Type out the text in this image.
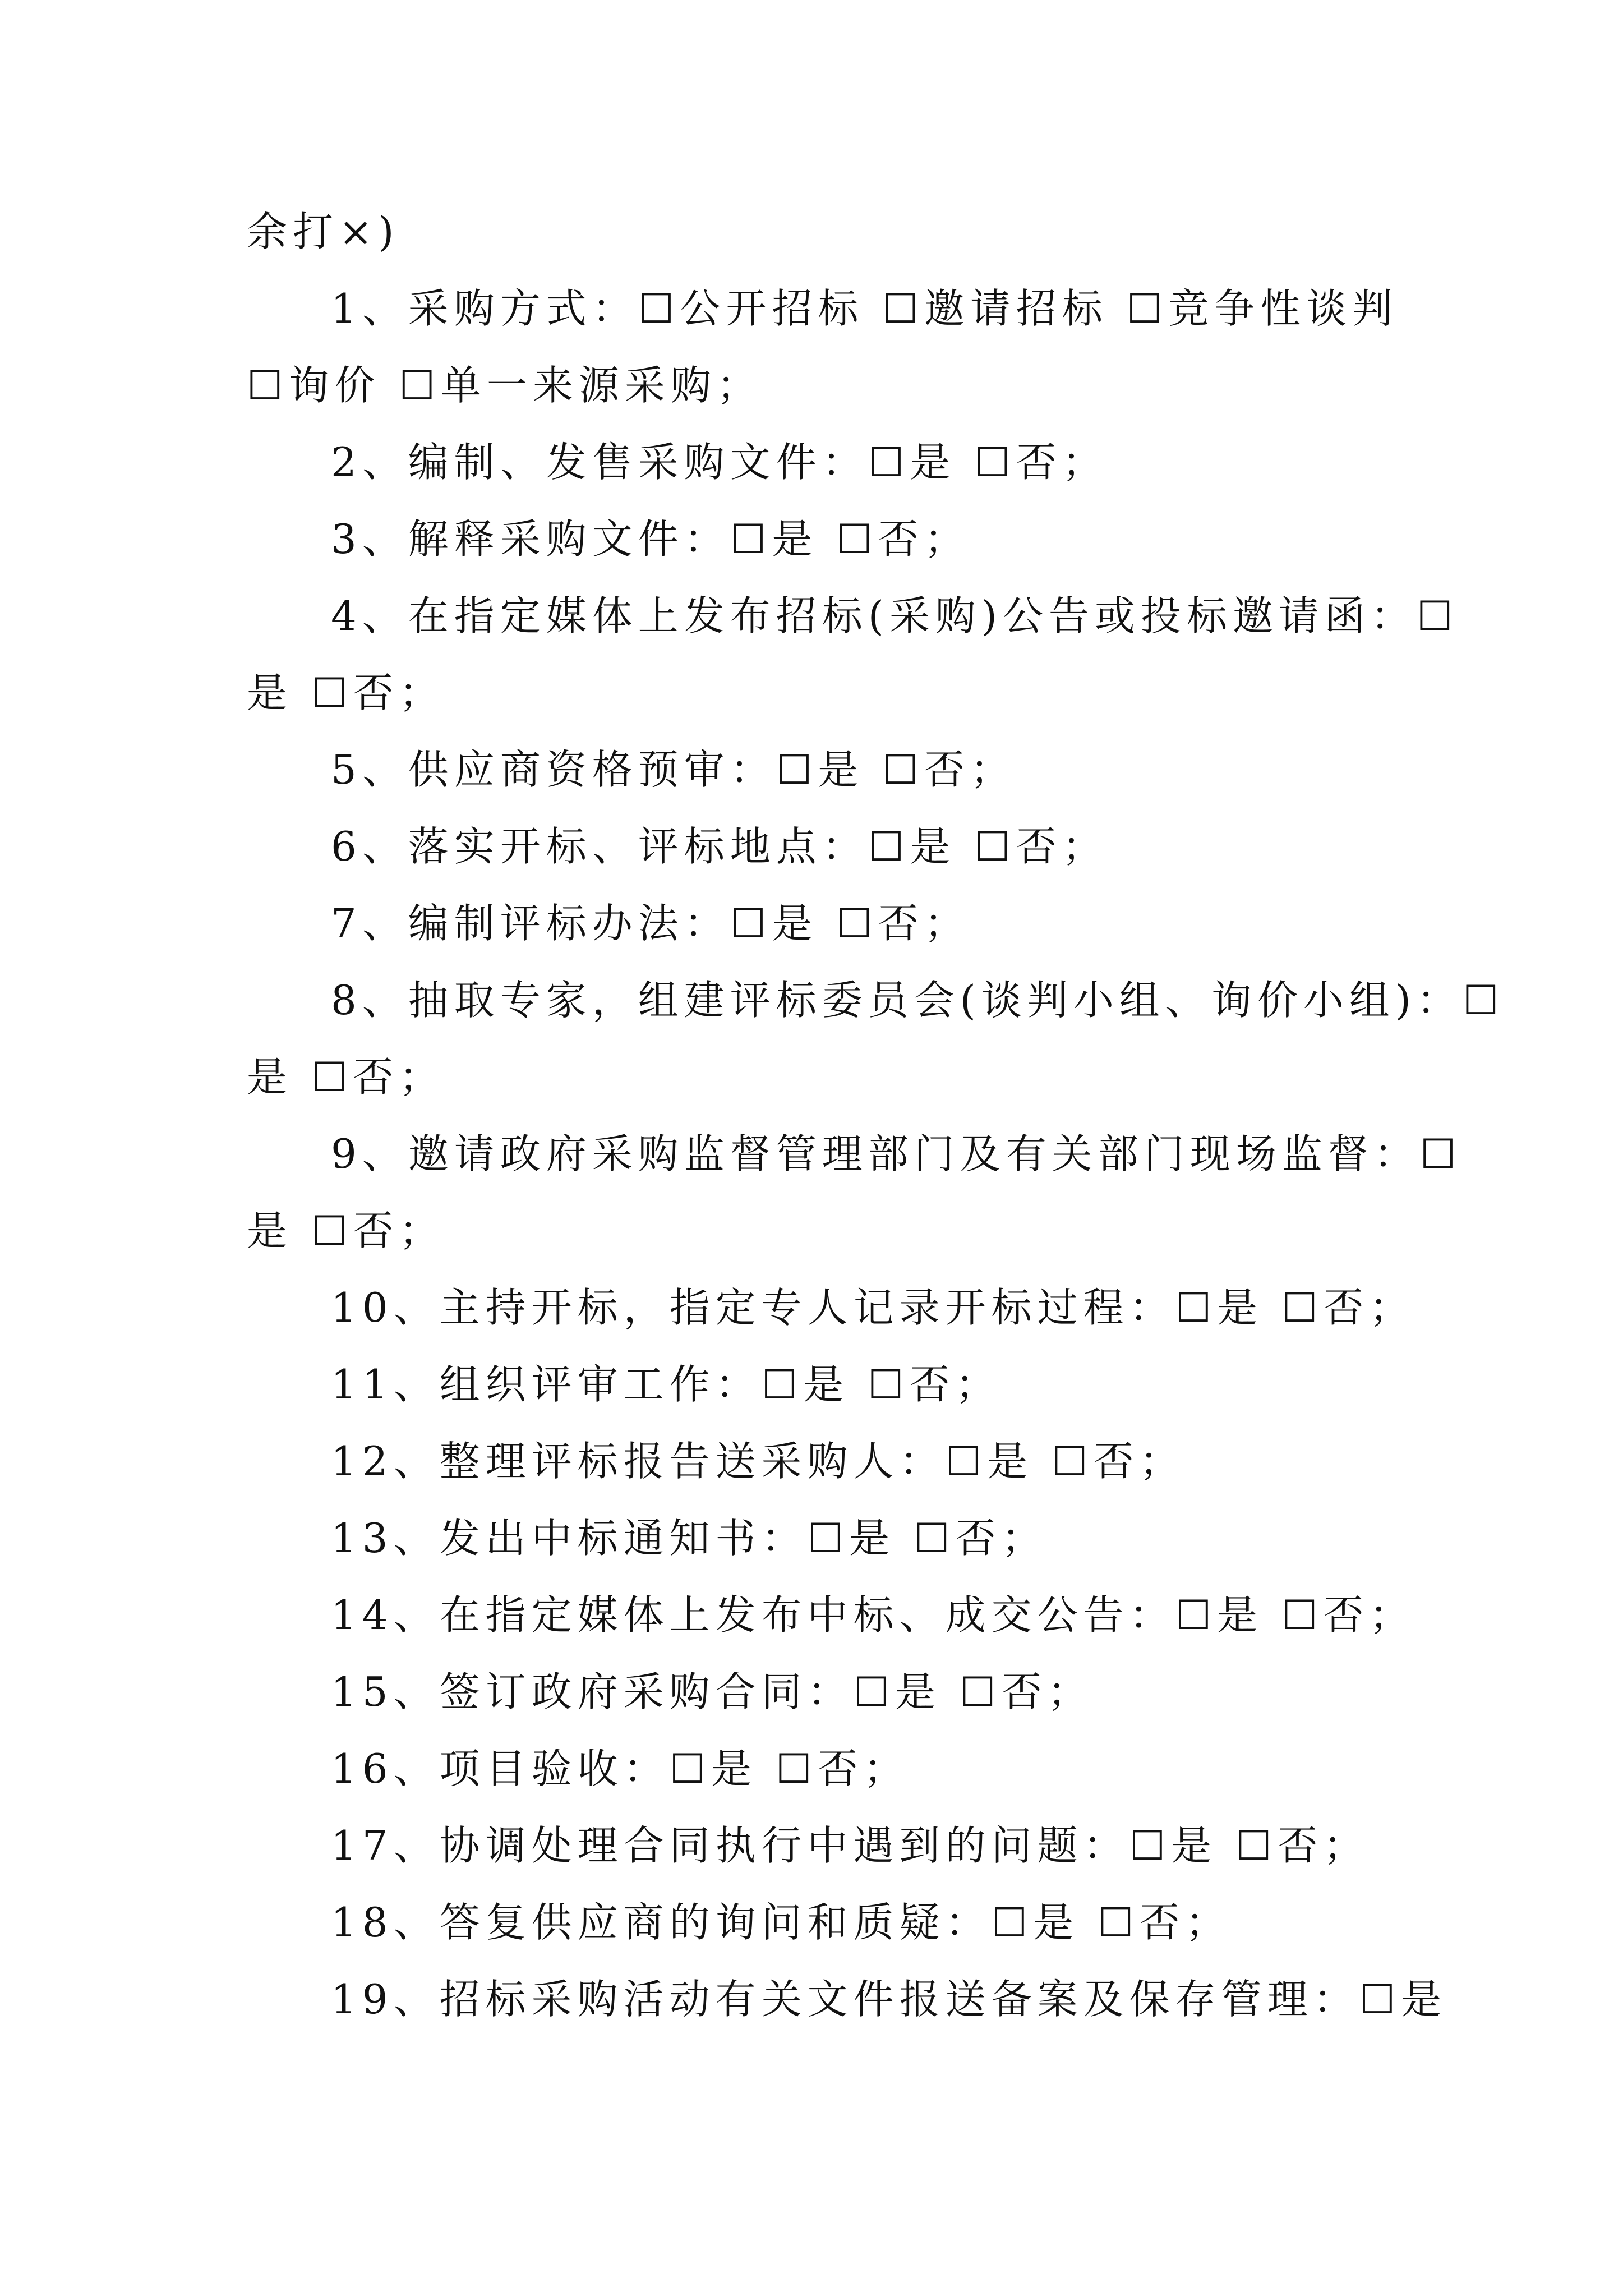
余打×)
1、采购方式：☐公开招标 ☐邀请招标 ☐竞争性谈判
☐询价 ☐单一来源采购；
2、编制、发售采购文件：☐是 ☐否；
3、解释采购文件：☐是 ☐否；
4、在指定媒体上发布招标(采购)公告或投标邀请函：☐
是 ☐否；
5、供应商资格预审：☐是 ☐否；
6、落实开标、评标地点：☐是 ☐否；
7、编制评标办法：☐是 ☐否；
8、抽取专家，组建评标委员会(谈判小组、询价小组)：☐
是 ☐否；
9、邀请政府采购监督管理部门及有关部门现场监督：☐
是 ☐否；
10、主持开标，指定专人记录开标过程：☐是 ☐否；
11、组织评审工作：☐是 ☐否；
12、整理评标报告送采购人：☐是 ☐否；
13、发出中标通知书：☐是 ☐否；
14、在指定媒体上发布中标、成交公告：☐是 ☐否；
15、签订政府采购合同：☐是 ☐否；
16、项目验收：☐是 ☐否；
17、协调处理合同执行中遇到的问题：☐是 ☐否；
18、答复供应商的询问和质疑：☐是 ☐否；
19、招标采购活动有关文件报送备案及保存管理：☐是
